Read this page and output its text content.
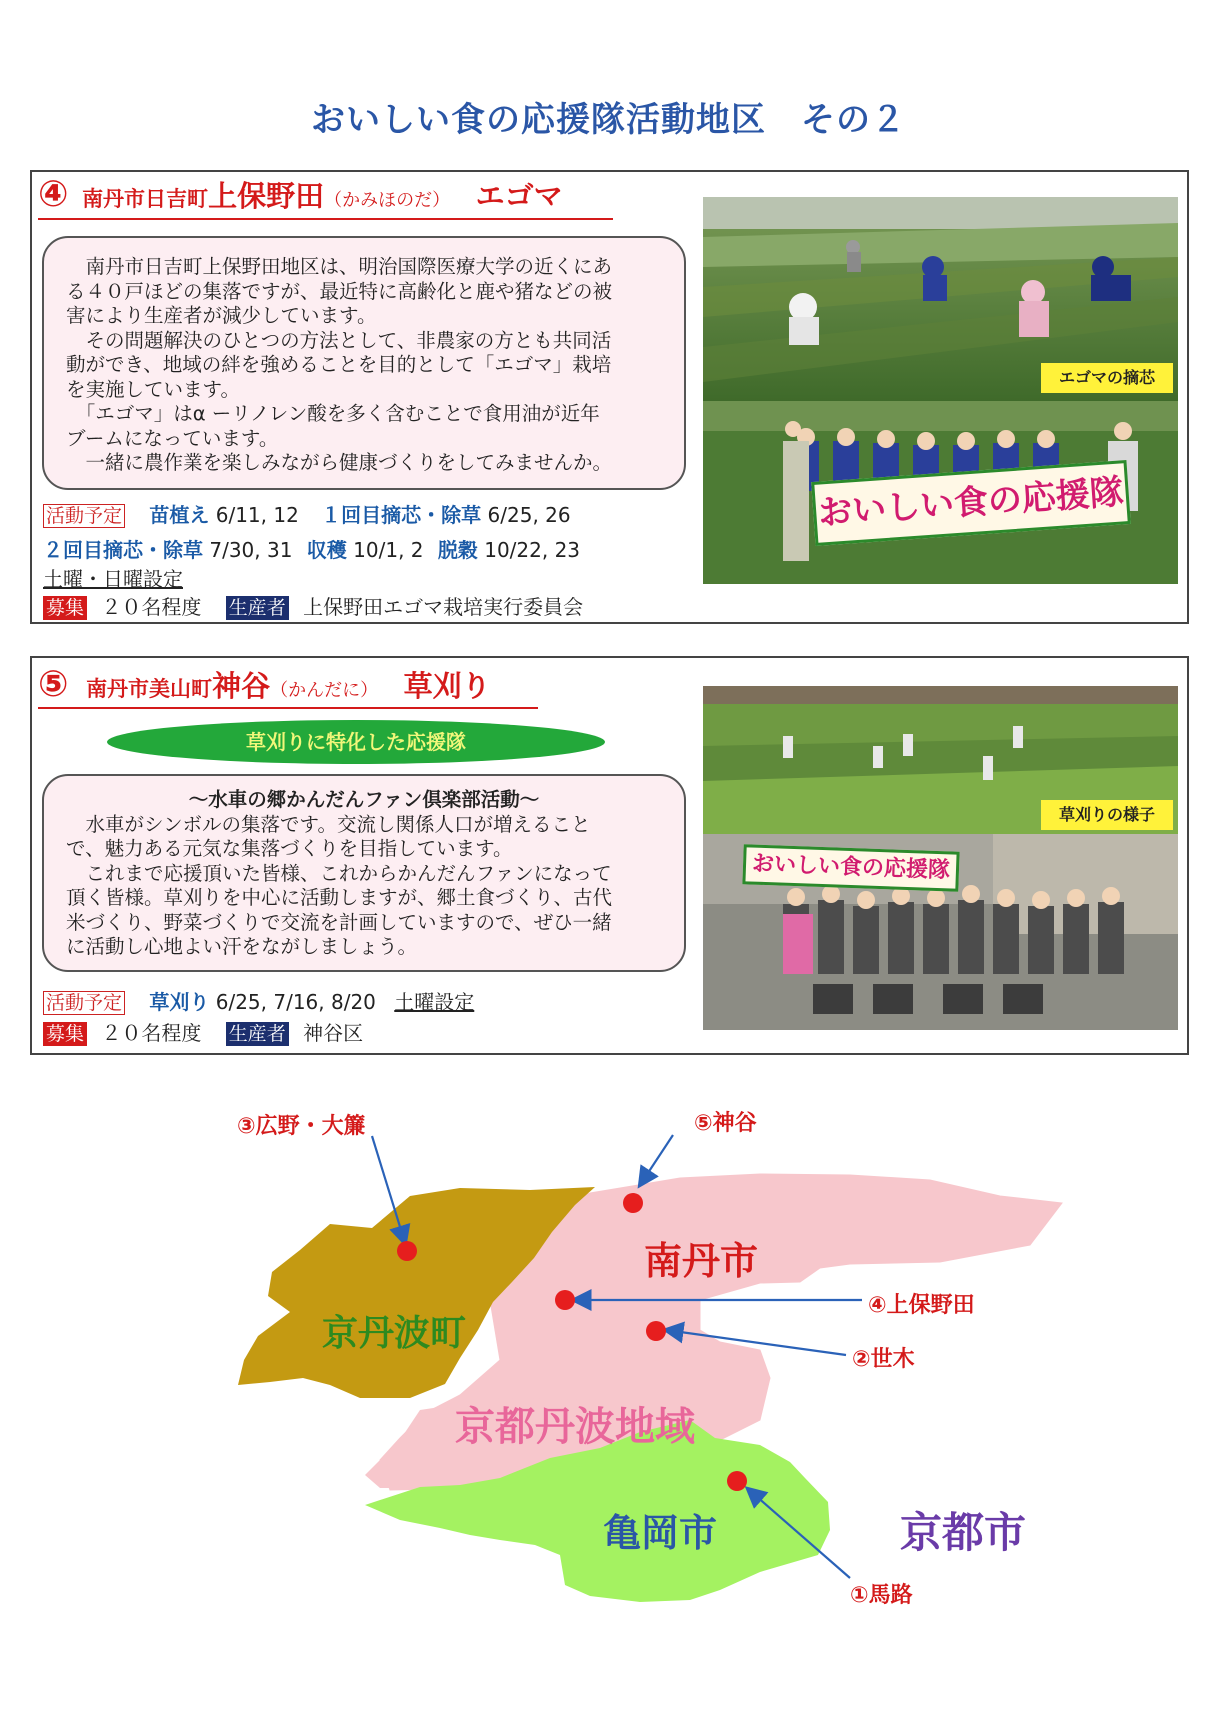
おいしい食の応援隊活動地区　その２
④ 南丹市日吉町上保野田（かみほのだ） エゴマ

　南丹市日吉町上保野田地区は、明治国際医療大学の近くにあ

る４０戸ほどの集落ですが、最近特に高齢化と鹿や猪などの被

害により生産者が減少しています。

　その問題解決のひとつの方法として、非農家の方とも共同活

動ができ、地域の絆を強めることを目的として「エゴマ」栽培

を実施しています。

　「エゴマ」はα ーリノレン酸を多く含むことで食用油が近年

ブームになっています。

　一緒に農作業を楽しみながら健康づくりをしてみませんか。

活動予定 苗植え 6/11, 12 １回目摘芯・除草 6/25, 26
２回目摘芯・除草 7/30, 31 収穫 10/1, 2 脱穀 10/22, 23
土曜・日曜設定
募集 ２０名程度 生産者 上保野田エゴマ栽培実行委員会
エゴマの摘芯
おいしい食の応援隊
⑤ 南丹市美山町神谷（かんだに） 草刈り
草刈りに特化した応援隊

～水車の郷かんだんファン倶楽部活動～

　水車がシンボルの集落です。交流し関係人口が増えること

で、魅力ある元気な集落づくりを目指しています。

　これまで応援頂いた皆様、これからかんだんファンになって

頂く皆様。草刈りを中心に活動しますが、郷土食づくり、古代

米づくり、野菜づくりで交流を計画していますので、ぜひ一緒

に活動し心地よい汗をながしましょう。

活動予定 草刈り 6/25, 7/16, 8/20 土曜設定
募集 ２０名程度 生産者 神谷区
草刈りの様子
おいしい食の応援隊
京丹波町
南丹市
京都丹波地域
亀岡市	京都市
③広野・大簾	⑤神谷
④上保野田
②世木
①馬路
